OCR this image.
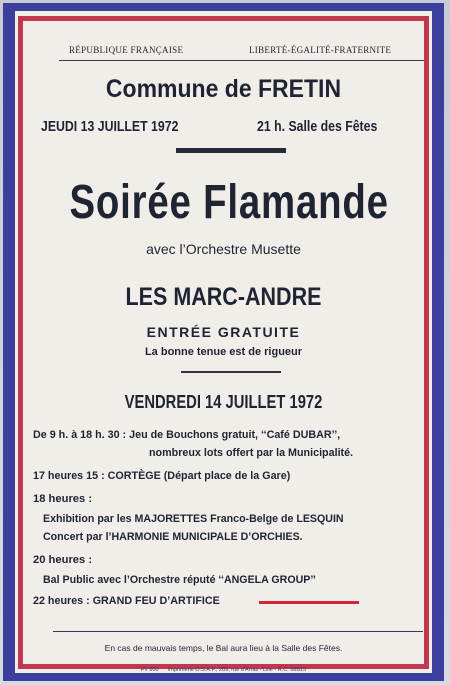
RÉPUBLIQUE FRANÇAISE	LIBERTÉ-ÉGALITÉ-FRATERNITE
Commune de FRETIN
JEUDI 13 JUILLET 1972	21 h. Salle des Fêtes
Soirée Flamande
avec l’Orchestre Musette
LES MARC-ANDRE
ENTRÉE GRATUITE
La bonne tenue est de rigueur
VENDREDI 14 JUILLET 1972
De 9 h. à 18 h. 30 : Jeu de Bouchons gratuit, ‘‘Café DUBAR’’,
nombreux lots offert par la Municipalité.
17 heures 15 : CORTÈGE (Départ place de la Gare)
18 heures :
Exhibition par les MAJORETTES Franco-Belge de LESQUIN
Concert par l’HARMONIE MUNICIPALE D’ORCHIES.
20 heures :
Bal Public avec l’Orchestre réputé ‘‘ANGELA GROUP’’
22 heures : GRAND FEU D’ARTIFICE
En cas de mauvais temps, le Bal aura lieu à la Salle des Fêtes.
FV 800 Imprimerie O.S.A.P., 289, rue d’Arras - Lille - R.C. 58B15
